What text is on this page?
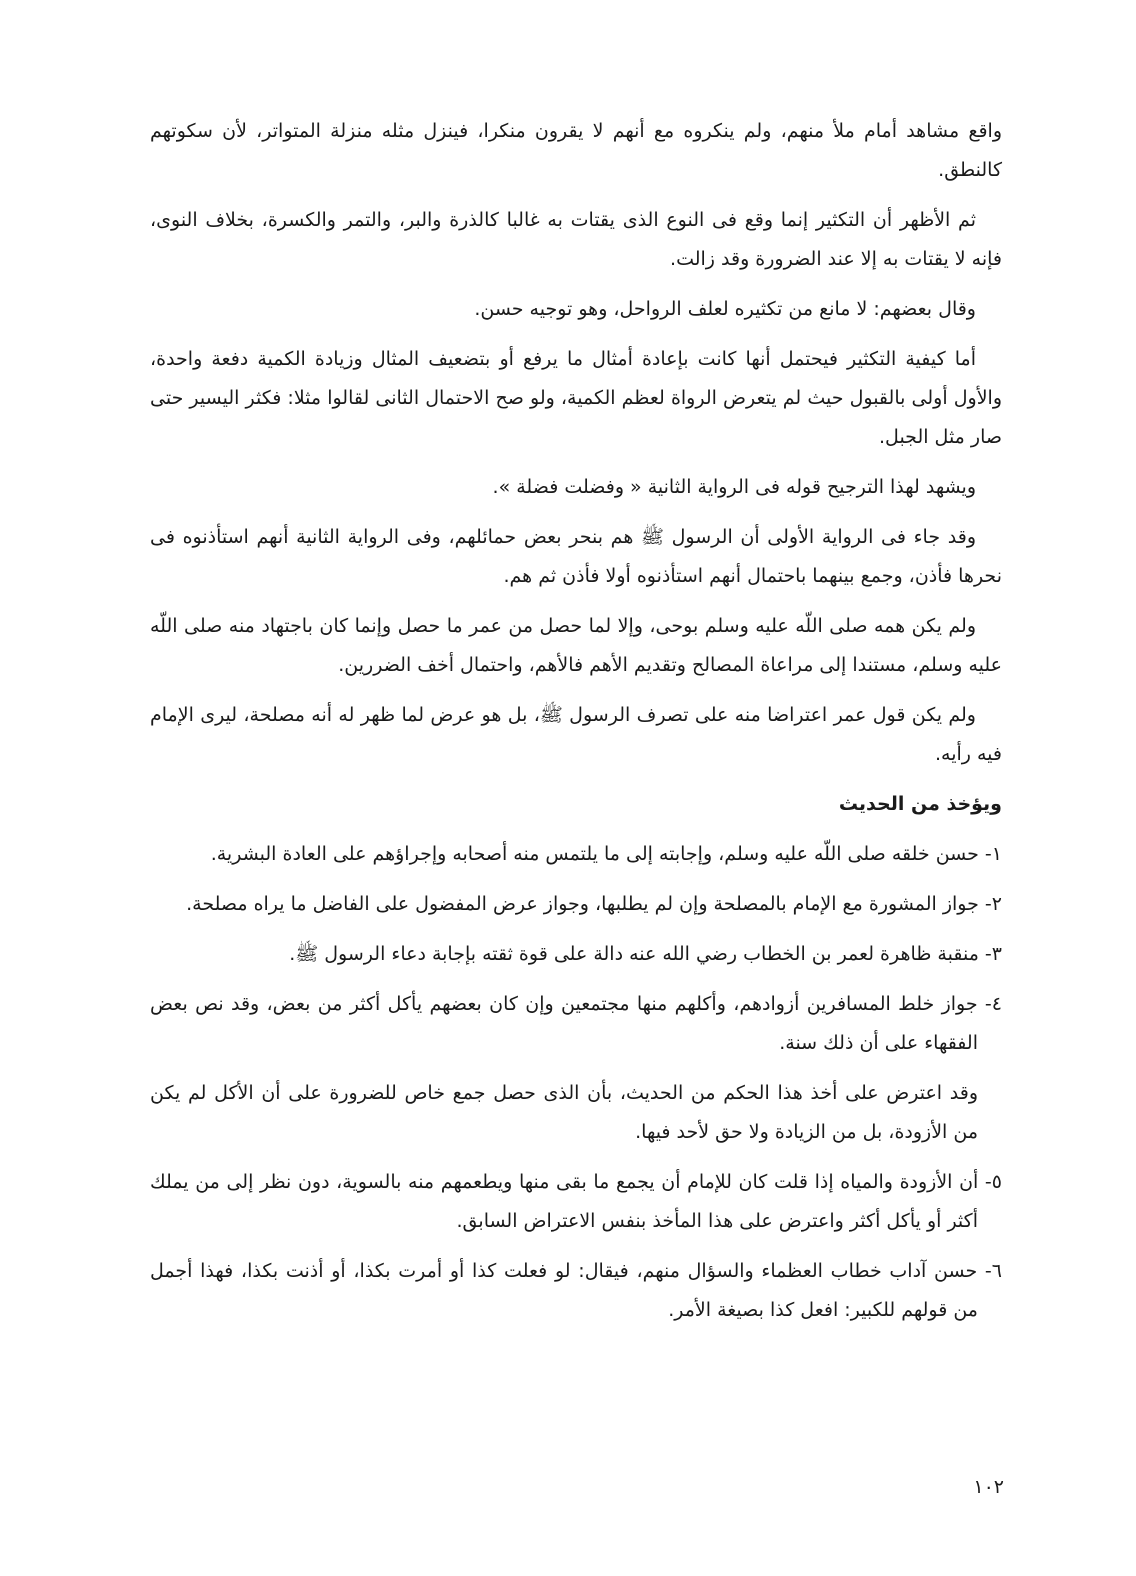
واقع مشاهد أمام ملأ منهم، ولم ينكروه مع أنهم لا يقرون منكرا، فينزل مثله منزلة المتواتر، لأن سكوتهم كالنطق.

ثم الأظهر أن التكثير إنما وقع فى النوع الذى يقتات به غالبا كالذرة والبر، والتمر والكسرة، بخلاف النوى، فإنه لا يقتات به إلا عند الضرورة وقد زالت.

وقال بعضهم: لا مانع من تكثيره لعلف الرواحل، وهو توجيه حسن.

أما كيفية التكثير فيحتمل أنها كانت بإعادة أمثال ما يرفع أو بتضعيف المثال وزيادة الكمية دفعة واحدة، والأول أولى بالقبول حيث لم يتعرض الرواة لعظم الكمية، ولو صح الاحتمال الثانى لقالوا مثلا: فكثر اليسير حتى صار مثل الجبل.

ويشهد لهذا الترجيح قوله فى الرواية الثانية « وفضلت فضلة ».

وقد جاء فى الرواية الأولى أن الرسول ﷺ هم بنحر بعض حمائلهم، وفى الرواية الثانية أنهم استأذنوه فى نحرها فأذن، وجمع بينهما باحتمال أنهم استأذنوه أولا فأذن ثم هم.

ولم يكن همه صلى اللّه عليه وسلم بوحى، وإلا لما حصل من عمر ما حصل وإنما كان باجتهاد منه صلى اللّه عليه وسلم، مستندا إلى مراعاة المصالح وتقديم الأهم فالأهم، واحتمال أخف الضررين.

ولم يكن قول عمر اعتراضا منه على تصرف الرسول ﷺ، بل هو عرض لما ظهر له أنه مصلحة، ليرى الإمام فيه رأيه.

ويؤخذ من الحديث

١- حسن خلقه صلى اللّه عليه وسلم، وإجابته إلى ما يلتمس منه أصحابه وإجراؤهم على العادة البشرية.

٢- جواز المشورة مع الإمام بالمصلحة وإن لم يطلبها، وجواز عرض المفضول على الفاضل ما يراه مصلحة.

٣- منقبة ظاهرة لعمر بن الخطاب رضي الله عنه دالة على قوة ثقته بإجابة دعاء الرسول ﷺ.

٤- جواز خلط المسافرين أزوادهم، وأكلهم منها مجتمعين وإن كان بعضهم يأكل أكثر من بعض، وقد نص بعض الفقهاء على أن ذلك سنة.

وقد اعترض على أخذ هذا الحكم من الحديث، بأن الذى حصل جمع خاص للضرورة على أن الأكل لم يكن من الأزودة، بل من الزيادة ولا حق لأحد فيها.

٥- أن الأزودة والمياه إذا قلت كان للإمام أن يجمع ما بقى منها ويطعمهم منه بالسوية، دون نظر إلى من يملك أكثر أو يأكل أكثر واعترض على هذا المأخذ بنفس الاعتراض السابق.

٦- حسن آداب خطاب العظماء والسؤال منهم، فيقال: لو فعلت كذا أو أمرت بكذا، أو أذنت بكذا، فهذا أجمل من قولهم للكبير: افعل كذا بصيغة الأمر.

١٠٢
